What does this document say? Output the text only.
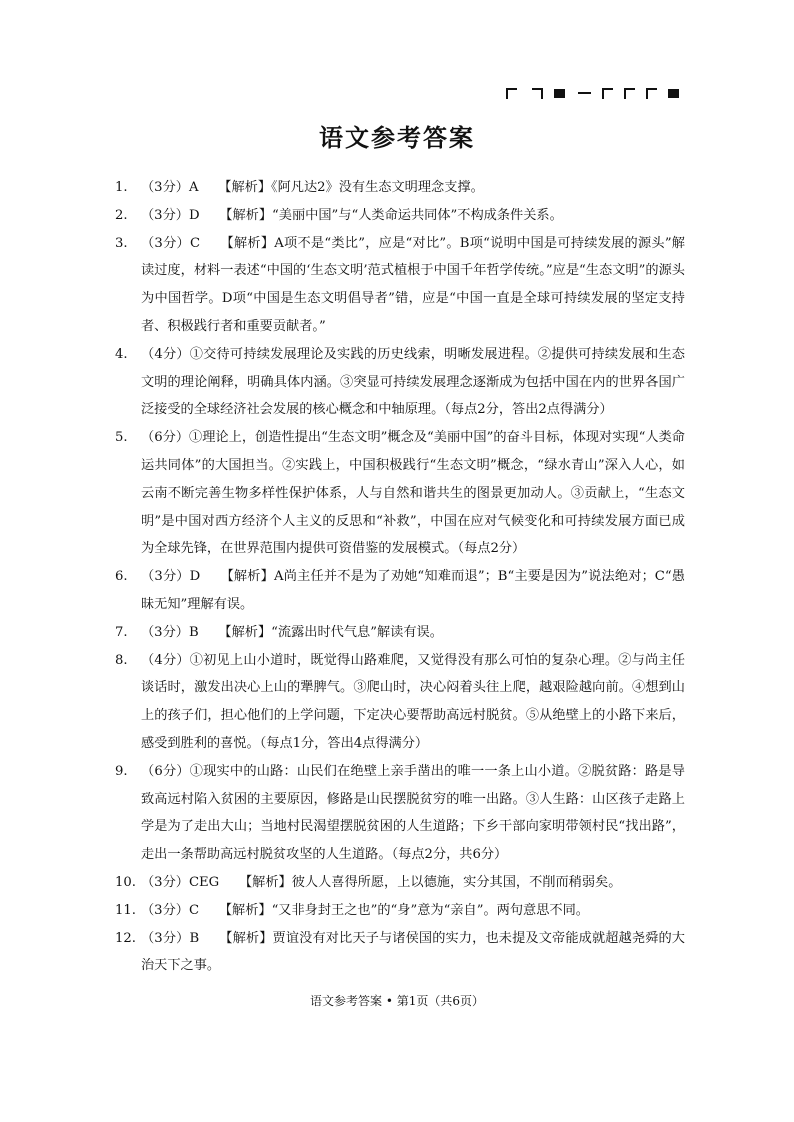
语文参考答案
1.	（3分）A　　【解析】《阿凡达2》没有生态文明理念支撑。
2.	（3分）D　　【解析】“美丽中国”与“人类命运共同体”不构成条件关系。
3.	（3分）C　　【解析】A项不是“类比”，应是“对比”。B项“说明中国是可持续发展的源头”解读过度，材料一表述“中国的‘生态文明’范式植根于中国千年哲学传统。”应是“生态文明”的源头为中国哲学。D项“中国是生态文明倡导者”错，应是“中国一直是全球可持续发展的坚定支持者、积极践行者和重要贡献者。”
4.	（4分）①交待可持续发展理论及实践的历史线索，明晰发展进程。②提供可持续发展和生态文明的理论阐释，明确具体内涵。③突显可持续发展理念逐渐成为包括中国在内的世界各国广泛接受的全球经济社会发展的核心概念和中轴原理。（每点2分，答出2点得满分）
5.	（6分）①理论上，创造性提出“生态文明”概念及“美丽中国”的奋斗目标，体现对实现“人类命运共同体”的大国担当。②实践上，中国积极践行“生态文明”概念，“绿水青山”深入人心，如云南不断完善生物多样性保护体系，人与自然和谐共生的图景更加动人。③贡献上，“生态文明”是中国对西方经济个人主义的反思和“补救”，中国在应对气候变化和可持续发展方面已成为全球先锋，在世界范围内提供可资借鉴的发展模式。（每点2分）
6.	（3分）D　　【解析】A尚主任并不是为了劝她“知难而退”；B“主要是因为”说法绝对；C“愚昧无知”理解有误。
7.	（3分）B　　【解析】“流露出时代气息”解读有误。
8.	（4分）①初见上山小道时，既觉得山路难爬，又觉得没有那么可怕的复杂心理。②与尚主任谈话时，激发出决心上山的犟脾气。③爬山时，决心闷着头往上爬，越艰险越向前。④想到山上的孩子们，担心他们的上学问题，下定决心要帮助高远村脱贫。⑤从绝壁上的小路下来后，感受到胜利的喜悦。（每点1分，答出4点得满分）
9.	（6分）①现实中的山路：山民们在绝壁上亲手凿出的唯一一条上山小道。②脱贫路：路是导致高远村陷入贫困的主要原因，修路是山民摆脱贫穷的唯一出路。③人生路：山区孩子走路上学是为了走出大山；当地村民渴望摆脱贫困的人生道路；下乡干部向家明带领村民“找出路”，走出一条帮助高远村脱贫攻坚的人生道路。（每点2分，共6分）
10. （3分）CEG　　【解析】彼人人喜得所愿，上以德施，实分其国，不削而稍弱矣。
11. （3分）C　　【解析】“又非身封王之也”的“身”意为“亲自”。两句意思不同。
12. （3分）B　　【解析】贾谊没有对比天子与诸侯国的实力，也未提及文帝能成就超越尧舜的大治天下之事。
语文参考答案 • 第1页（共6页）
